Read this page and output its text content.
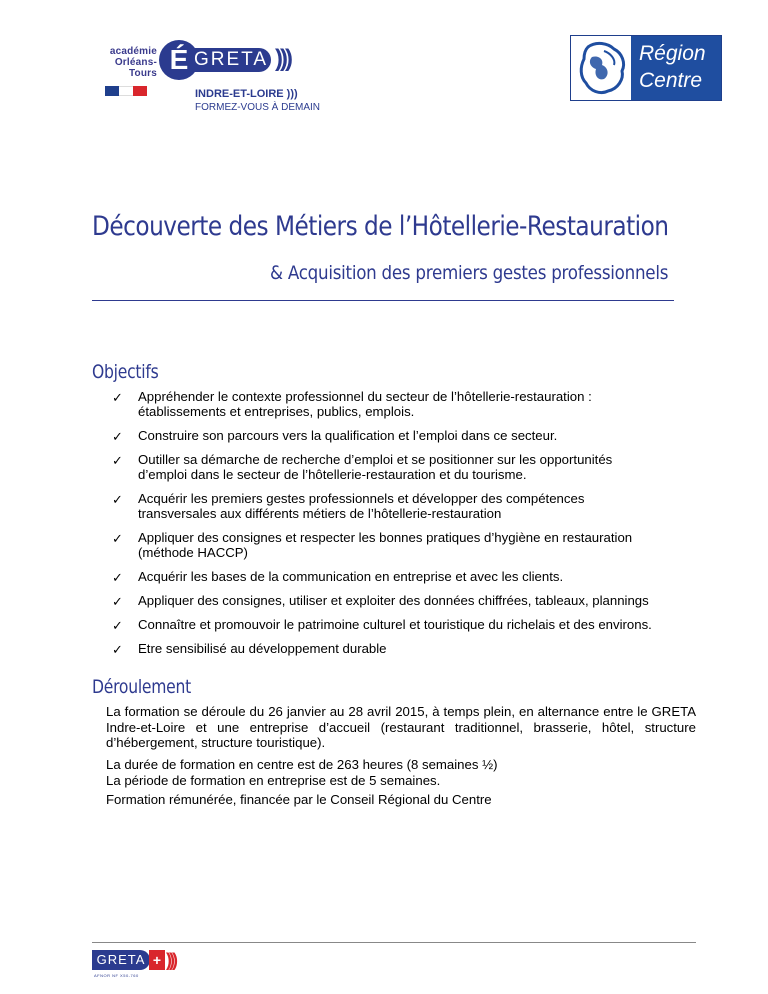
académie
Orléans-Tours É GRETA )))
INDRE-ET-LOIRE )))
FORMEZ-VOUS À DEMAIN
Région
Centre
Découverte des Métiers de l’Hôtellerie-Restauration
& Acquisition des premiers gestes professionnels
Objectifs
✓ Appréhender le contexte professionnel du secteur de l’hôtellerie-restauration :
établissements et entreprises, publics, emplois.
✓ Construire son parcours vers la qualification et l’emploi dans ce secteur.
✓ Outiller sa démarche de recherche d’emploi et se positionner sur les opportunités
d’emploi dans le secteur de l’hôtellerie-restauration et du tourisme.
✓ Acquérir les premiers gestes professionnels et développer des compétences
transversales aux différents métiers de l’hôtellerie-restauration
✓ Appliquer des consignes et respecter les bonnes pratiques d’hygiène en restauration
(méthode HACCP)
✓ Acquérir les bases de la communication en entreprise et avec les clients.
✓ Appliquer des consignes, utiliser et exploiter des données chiffrées, tableaux, plannings
✓ Connaître et promouvoir le patrimoine culturel et touristique du richelais et des environs.
✓ Etre sensibilisé au développement durable
Déroulement
La formation se déroule du 26 janvier au 28 avril 2015, à temps plein, en alternance entre le GRETA Indre-et-Loire et une entreprise d’accueil (restaurant traditionnel, brasserie, hôtel, structure d’hébergement, structure touristique).
La durée de formation en centre est de 263 heures (8 semaines ½)
La période de formation en entreprise est de 5 semaines.
Formation rémunérée, financée par le Conseil Régional du Centre
GRETA + )))
AFNOR NF X50-760
